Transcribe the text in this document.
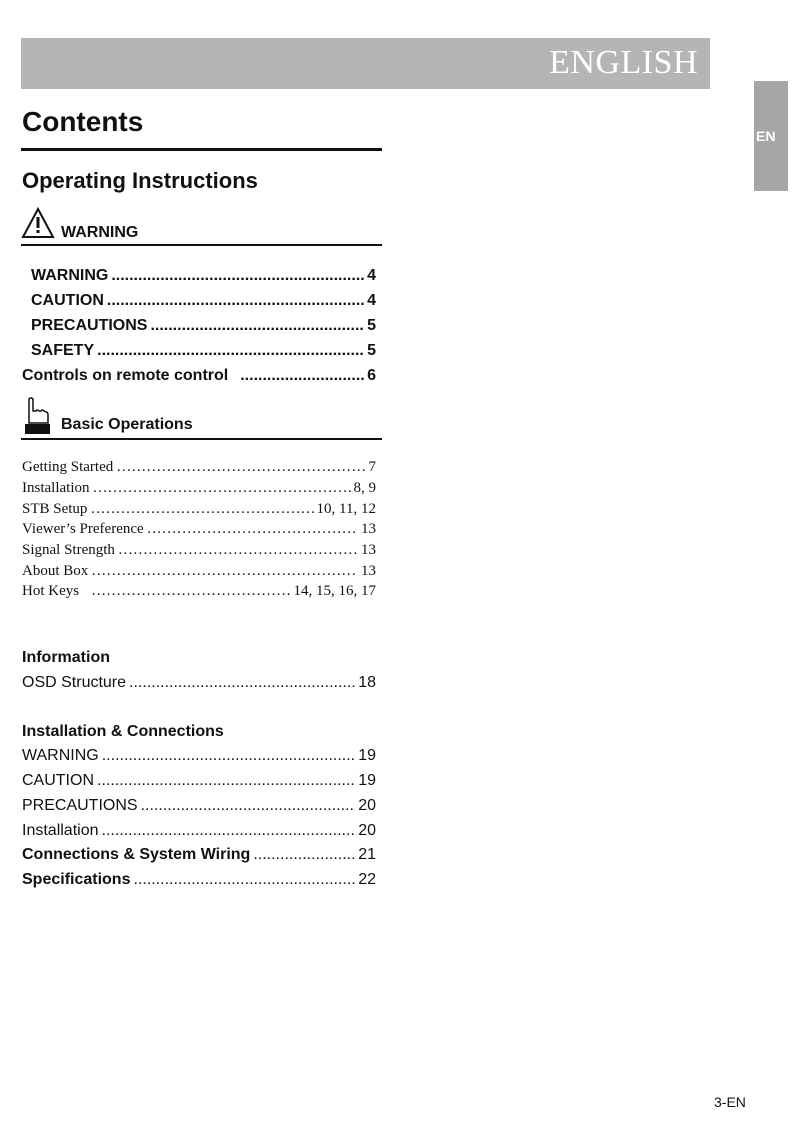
ENGLISH
EN
Contents
Operating Instructions
WARNING
WARNING .....	4
CAUTION .....	4
PRECAUTIONS .....	5
SAFETY .....	5
Controls on remote control .....	6
Basic Operations
Getting Started …………………………………………………………………………………………………………………	7
Installation …………………………………………………………………………………………………………………	8, 9
STB Setup …………………………………………………………………………………………………………………	10, 11, 12
Viewer’s Preference …………………………………………………………………………………………………………………	13
Signal Strength …………………………………………………………………………………………………………………	13
About Box …………………………………………………………………………………………………………………	13
Hot Keys …………………………………………………………………………………………………………………	14, 15, 16, 17
Information
OSD Structure .....	18
Installation & Connections
WARNING .....	19
CAUTION .....	19
PRECAUTIONS .....	20
Installation .....	20
Connections & System Wiring .....	21
Specifications .....	22
3-EN
